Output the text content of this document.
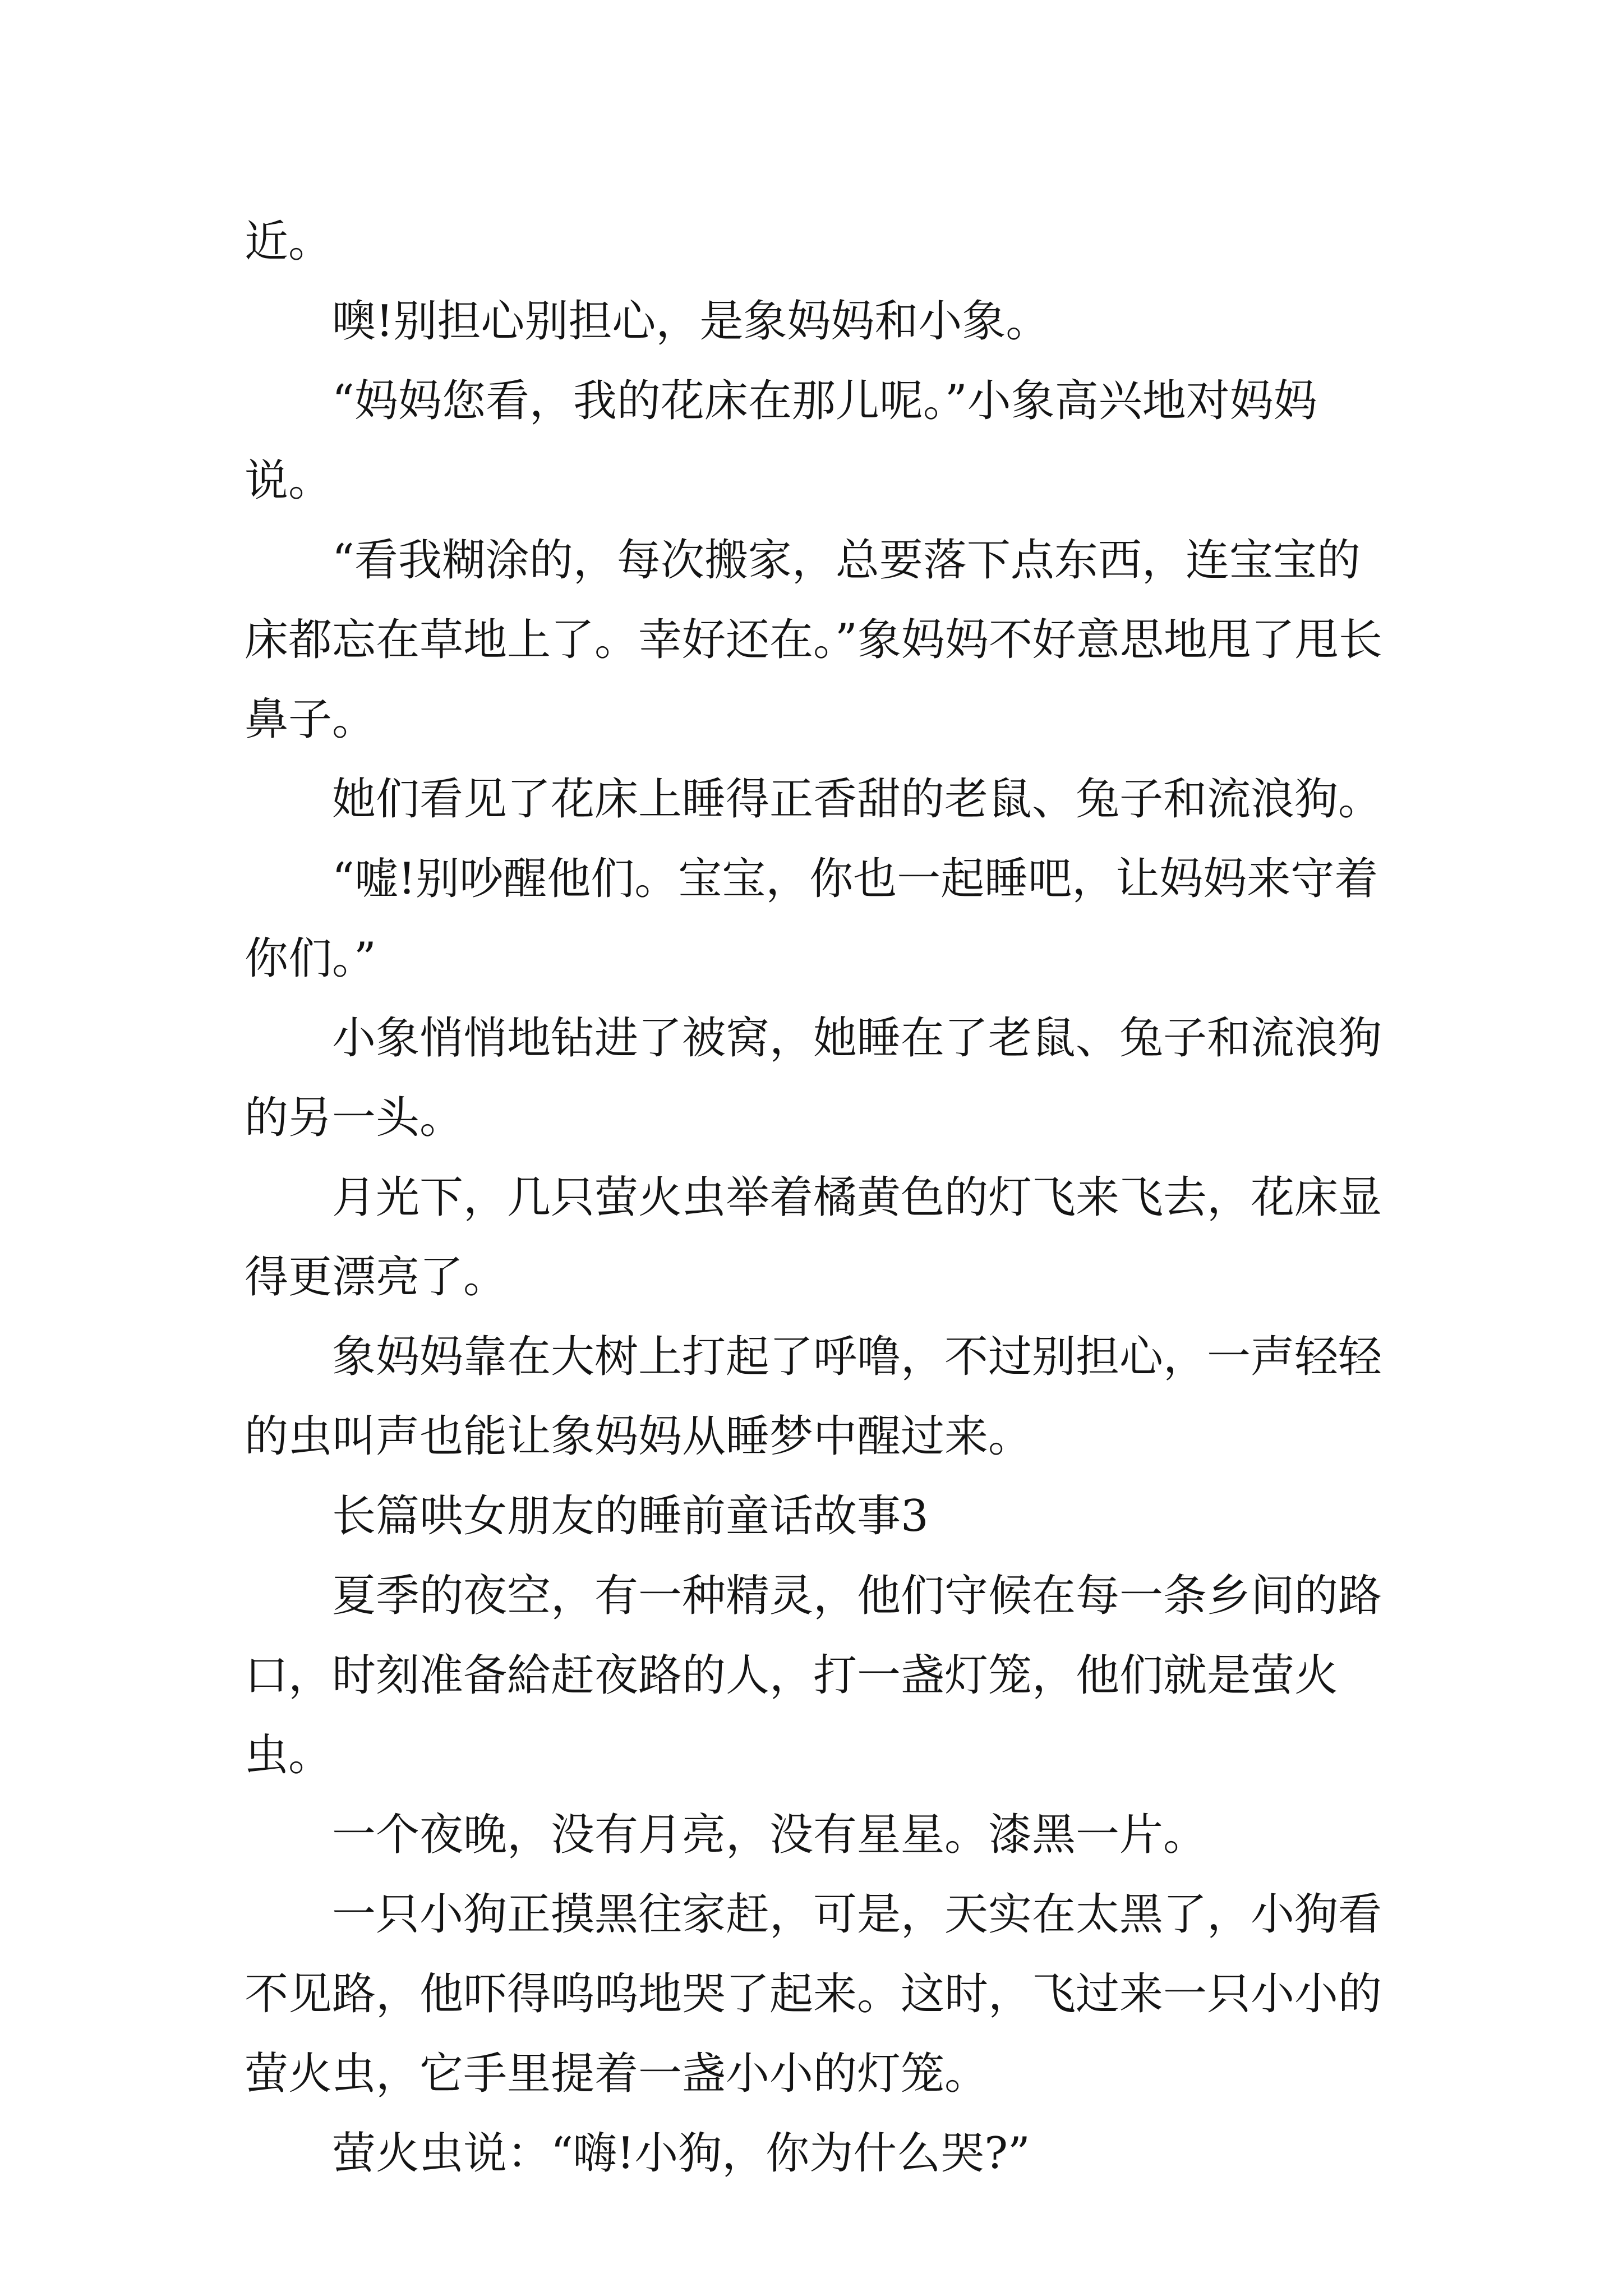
近。

噢!别担心别担心，是象妈妈和小象。

“妈妈您看，我的花床在那儿呢。”小象高兴地对妈妈说。

“看我糊涂的，每次搬家，总要落下点东西，连宝宝的床都忘在草地上了。幸好还在。”象妈妈不好意思地甩了甩长鼻子。

她们看见了花床上睡得正香甜的老鼠、兔子和流浪狗。

“嘘!别吵醒他们。宝宝，你也一起睡吧，让妈妈来守着你们。”

小象悄悄地钻进了被窝，她睡在了老鼠、兔子和流浪狗的另一头。

月光下，几只萤火虫举着橘黄色的灯飞来飞去，花床显得更漂亮了。

象妈妈靠在大树上打起了呼噜，不过别担心，一声轻轻的虫叫声也能让象妈妈从睡梦中醒过来。

长篇哄女朋友的睡前童话故事3

夏季的夜空，有一种精灵，他们守候在每一条乡间的路口，时刻准备給赶夜路的人，打一盏灯笼，他们就是萤火虫。

一个夜晚，没有月亮，没有星星。漆黑一片。

一只小狗正摸黑往家赶，可是，天实在太黑了，小狗看不见路，他吓得呜呜地哭了起来。这时，飞过来一只小小的萤火虫，它手里提着一盏小小的灯笼。

萤火虫说：“嗨!小狗，你为什么哭?”
